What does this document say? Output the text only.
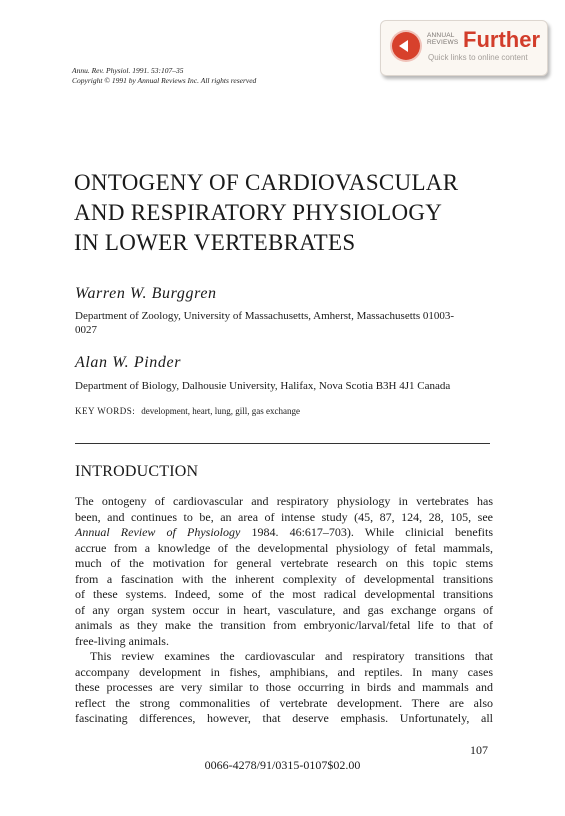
ANNUAL
REVIEWS Further
Quick links to online content
Annu. Rev. Physiol. 1991. 53:107–35
Copyright © 1991 by Annual Reviews Inc. All rights reserved
ONTOGENY OF CARDIOVASCULAR
AND RESPIRATORY PHYSIOLOGY
IN LOWER VERTEBRATES
Warren W. Burggren
Department of Zoology, University of Massachusetts, Amherst, Massachusetts 01003-
0027
Alan W. Pinder
Department of Biology, Dalhousie University, Halifax, Nova Scotia B3H 4J1 Canada
KEY WORDS: development, heart, lung, gill, gas exchange
INTRODUCTION
The ontogeny of cardiovascular and respiratory physiology in vertebrates has
been, and continues to be, an area of intense study (45, 87, 124, 28, 105, see
Annual Review of Physiology 1984. 46:617–703). While clinicial benefits
accrue from a knowledge of the developmental physiology of fetal mammals,
much of the motivation for general vertebrate research on this topic stems
from a fascination with the inherent complexity of developmental transitions
of these systems. Indeed, some of the most radical developmental transitions
of any organ system occur in heart, vasculature, and gas exchange organs of
animals as they make the transition from embryonic/larval/fetal life to that of
free-living animals.
This review examines the cardiovascular and respiratory transitions that
accompany development in fishes, amphibians, and reptiles. In many cases
these processes are very similar to those occurring in birds and mammals and
reflect the strong commonalities of vertebrate development. There are also
fascinating differences, however, that deserve emphasis. Unfortunately, all
107
0066-4278/91/0315-0107$02.00
